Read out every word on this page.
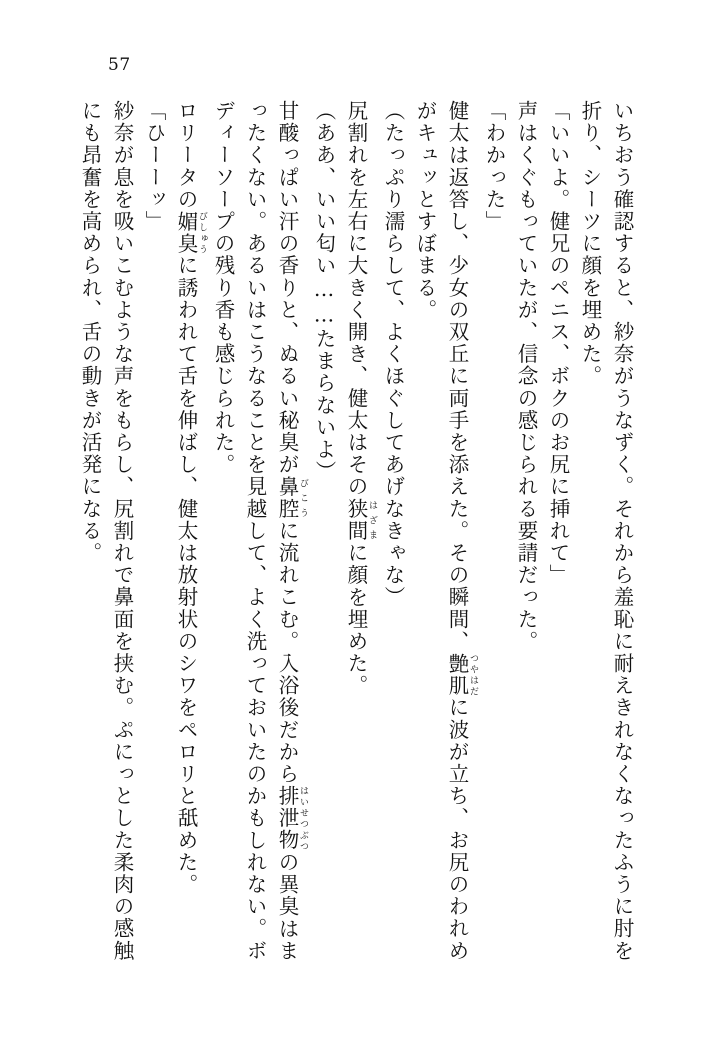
57

いちおう確認すると、紗奈がうなずく。それから羞恥に耐えきれなくなったふうに肘を折り、シーツに顔を埋めた。

「いいよ。健兄のペニス、ボクのお尻に挿れて」

声はくぐもっていたが、信念の感じられる要請だった。

「わかった」

健太は返答し、少女の双丘に両手を添えた。その瞬間、艶肌 つやはだに波が立ち、お尻のわれめがキュッとすぼまる。

（たっぷり濡らして、よくほぐしてあげなきゃな）

尻割れを左右に大きく開き、健太はその狭間 はざまに顔を埋めた。

（ああ、いい匂い……たまらないよ）

甘酸っぱい汗の香りと、ぬるい秘臭が鼻腔 びこうに流れこむ。入浴後だから排泄物 はいせつぶつの異臭はまったくない。あるいはこうなることを見越して、よく洗っておいたのかもしれない。ボディーソープの残り香も感じられた。

ロリータの媚臭 びしゅうに誘われて舌を伸ばし、健太は放射状のシワをペロリと舐めた。

「ひーーッ」

紗奈が息を吸いこむような声をもらし、尻割れで鼻面を挟む。ぷにっとした柔肉の感触にも昂奮を高められ、舌の動きが活発になる。
